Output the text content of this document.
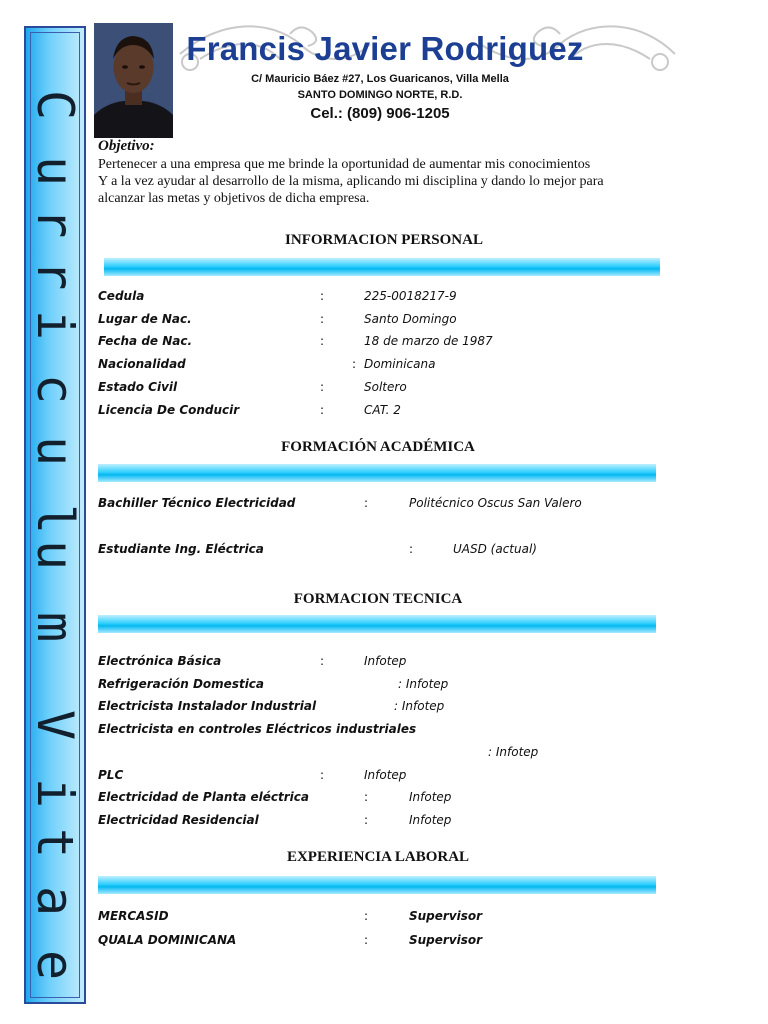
C
u
r
r
i
c
u
l
u
m
V
i
t
a
e
Francis Javier Rodriguez
C/ Mauricio Báez #27, Los Guaricanos, Villa Mella
SANTO DOMINGO NORTE, R.D.
Cel.: (809) 906-1205
Objetivo:
Pertenecer a una empresa que me brinde la oportunidad de aumentar mis conocimientos
Y a la vez ayudar al desarrollo de la misma, aplicando mi disciplina y dando lo mejor para
alcanzar las metas y objetivos de dicha empresa.
INFORMACION PERSONAL
Cedula	:	225-0018217-9
Lugar de Nac.	:	Santo Domingo
Fecha de Nac.	:	18 de marzo de 1987
Nacionalidad	: Dominicana
Estado Civil	:	Soltero
Licencia De Conducir	:	CAT. 2
FORMACIÓN ACADÉMICA
Bachiller Técnico Electricidad	:	Politécnico Oscus San Valero
Estudiante Ing. Eléctrica	:	UASD (actual)
FORMACION TECNICA
Electrónica Básica	:	Infotep
Refrigeración Domestica	: Infotep
Electricista Instalador Industrial	: Infotep
Electricista en controles Eléctricos industriales
: Infotep
PLC	:	Infotep
Electricidad de Planta eléctrica	:	Infotep
Electricidad Residencial	:	Infotep
EXPERIENCIA LABORAL
MERCASID	:	Supervisor
QUALA DOMINICANA	:	Supervisor
